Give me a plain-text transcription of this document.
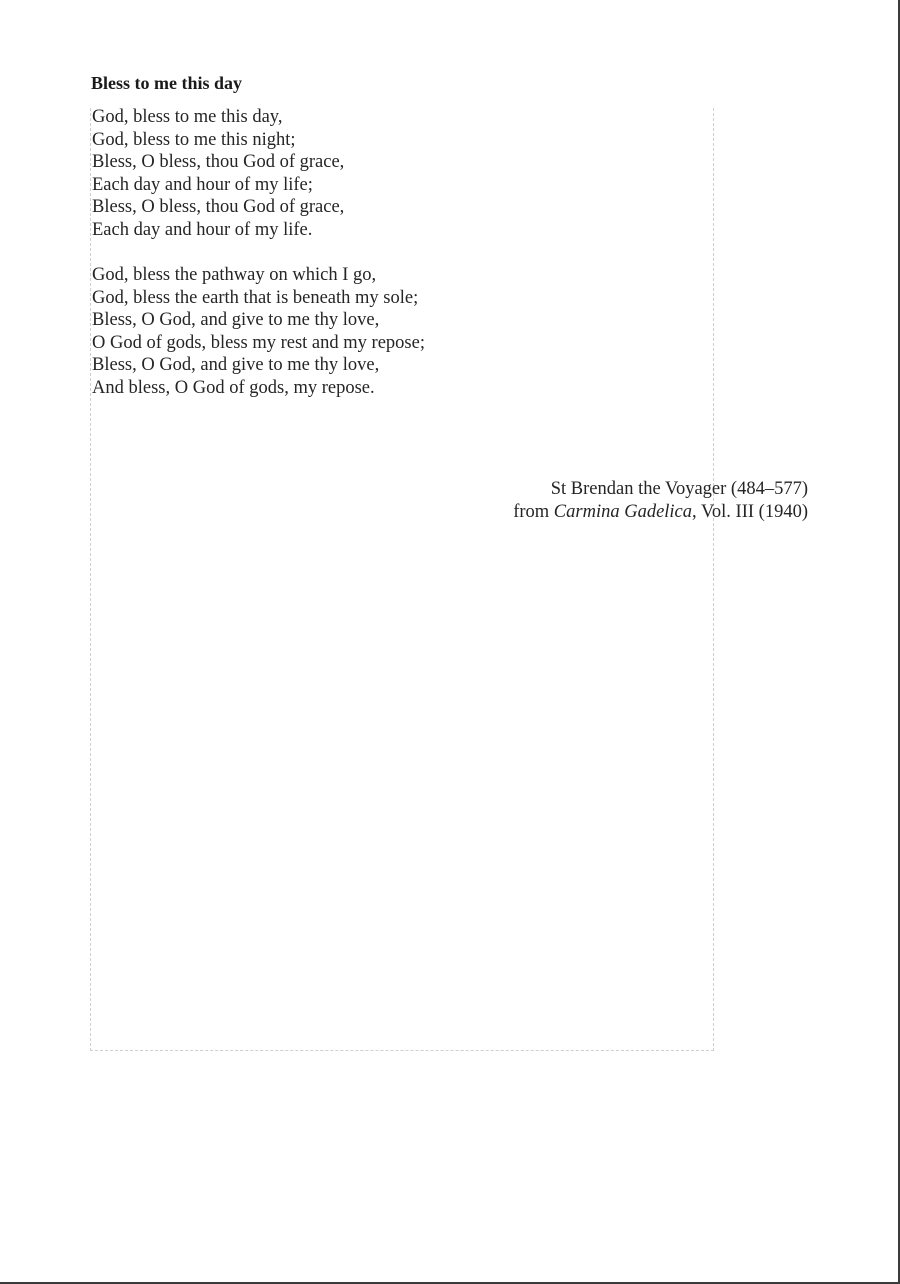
Bless to me this day
God, bless to me this day,
God, bless to me this night;
Bless, O bless, thou God of grace,
Each day and hour of my life;
Bless, O bless, thou God of grace,
Each day and hour of my life.
God, bless the pathway on which I go,
God, bless the earth that is beneath my sole;
Bless, O God, and give to me thy love,
O God of gods, bless my rest and my repose;
Bless, O God, and give to me thy love,
And bless, O God of gods, my repose.
St Brendan the Voyager (484–577)
from Carmina Gadelica, Vol. III (1940)
